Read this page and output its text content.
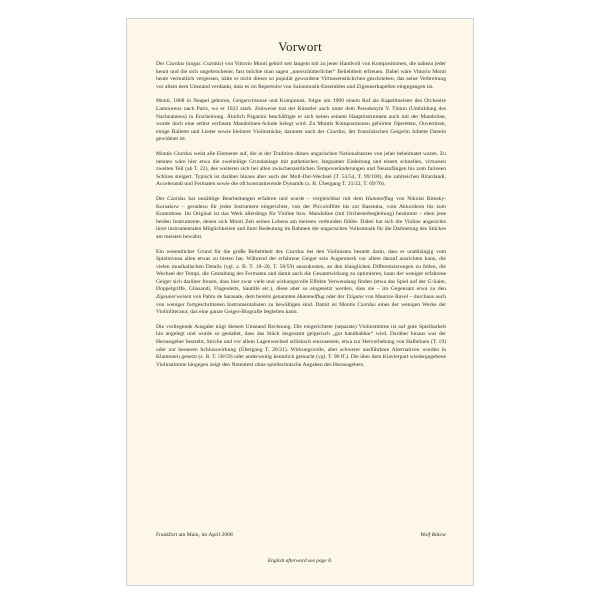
Vorwort

Der Czardas (ungar. Csárdás) von Vittorio Monti gehört seit langem mit zu jener Handvoll von Kompositionen, die nahezu jeder kennt und die sich ungebrochener, fast möchte man sagen „unerschütterlicher“ Beliebtheit erfreuen. Dabei wäre Vittorio Monti heute vermutlich vergessen, hätte er nicht dieses so populär gewordene Virtuosenstückchen geschrieben, das seine Verbreitung vor allem dem Umstand verdankt, dass es im Repertoire von Salonmusik-Ensembles und Zigeunerkapellen eingegangen ist.

Monti, 1868 in Neapel geboren, Geigenvirtuose und Komponist, folgte um 1900 einem Ruf als Kapellmeister des Orchestre Lamoureux nach Paris, wo er 1922 starb. Zeitweise trat der Künstler auch unter dem Pseudonym V. Timon (Umbildung des Nachnamens) in Erscheinung. Ähnlich Paganini beschäftigte er sich neben seinem Hauptinstrument auch mit der Mandoline, wurde doch eine selbst verfasste Mandolinen-Schule belegt wird. Zu Montis Kompositionen gehörten Operetten, Ouvertüren, einige Ballette und Lieder sowie kleinere Violinstücke, darunter auch der Czardas, der französischen Geigerin Juliette Danein gewidmet ist.

Montis Czardas weist alle Elemente auf, die in der Tradition dieses ungarischen Nationaltanzes von jeher beheimatet waren. Zu nennen wäre hier etwa die zweiteilige Grundanlage mit pathetischer, langsamer Einleitung und einem schnellen, virtuosen zweiten Teil (ab T. 22), des weiteren sich bei allen zwischenzeitlichen Tempoveränderungen und Neuanfängen bis zum furiosen Schluss steigert. Typisch ist darüber hinaus aber auch der Moll-Dur-Wechsel (T. 53/54, T. 99/100), die zahlreichen Ritardandi, Accelerandi und Fermaten sowie die oft kontrastierende Dynamik (z. B. Übergang T. 21/22, T. 69/70).

Der Czardas hat unzählige Bearbeitungen erfahren und wurde – vergleichbar mit dem Hummelflug von Nikolai Rimsky-Korsakow – geradezu für jedes Instrument eingerichtet, von der Piccoloflöte bis zur Basstuba, vom Akkordeon bis zum Kontrabass. Im Original ist das Werk allerdings für Violine bzw. Mandoline (mit Orchesterbegleitung) bestimmt – eben jene beiden Instrumente, denen sich Monti Zeit seines Lebens am meisten verbunden fühlte. Dabei hat sich die Violine angesichts ihrer instrumentalen Möglichkeiten und ihrer Bedeutung im Rahmen der ungarischen Volksmusik für die Darbietung des Stückes am meisten bewährt.

Ein wesentlicher Grund für die große Beliebtheit des Czardas bei den Violinisten besteht darin, dass er unabhängig vom Spielniveau allen etwas zu bieten hat. Während der erfahrene Geiger sein Augenmerk vor allem darauf ausrichten kann, die vielen musikalischen Details (vgl. z. B. T. 18–20, T. 58/59) auszukosten, an den klanglichen Differenzierungen zu feilen, die Wechsel der Tempi, die Gestaltung der Fermaten und damit auch die Gesamtwirkung zu optimieren, kann der weniger erfahrene Geiger sich darüber freuen, dass hier zwar viele und wirkungsvolle Effekte Verwendung finden (etwa das Spiel auf der G-Saite, Doppelgriffe, Glissandi, Flageoletts, Sautillé etc.), diese aber so eingesetzt werden, dass sie – im Gegensatz etwa zu den Zigeunerweisen von Pablo de Sarasate, dem bereits genannten Hummelflug oder der Tzigane von Maurice Ravel – durchaus auch von weniger fortgeschrittenen Instrumentalisten zu bewältigen sind. Damit ist Montis Czardas eines der wenigen Werke der Violinliteratur, das eine ganze Geiger-Biografie begleiten kann.

Die vorliegende Ausgabe trägt diesem Umstand Rechnung. Die eingerichtete (separate) Violinstimme ist auf gute Spielbarkeit hin angelegt und wurde so gestaltet, dass das Stück insgesamt geigerisch „gut handhabbar“ wird. Darüber hinaus war der Herausgeber bestrebt, Striche und vor allem Lagenwechsel stilistisch einzusetzen, etwa zur Hervorhebung von Halbtönen (T. 19) oder zur besseren Schlusswirkung (Übergang T. 20/21). Wirkungsvolle, aber schwerer ausführbare Alternativen wurden in Klammern gesetzt (z. B. T. 58/59) oder anderweitig kenntlich gemacht (vgl. T. 90 ff.). Die über dem Klavierpart wiedergegebene Violinstimme hingegen zeigt den Notentext ohne spieltechnische Angaben des Herausgebers.

Frankfurt am Main, im April 2008	Wolf Bütow
English afterword see page 8.
